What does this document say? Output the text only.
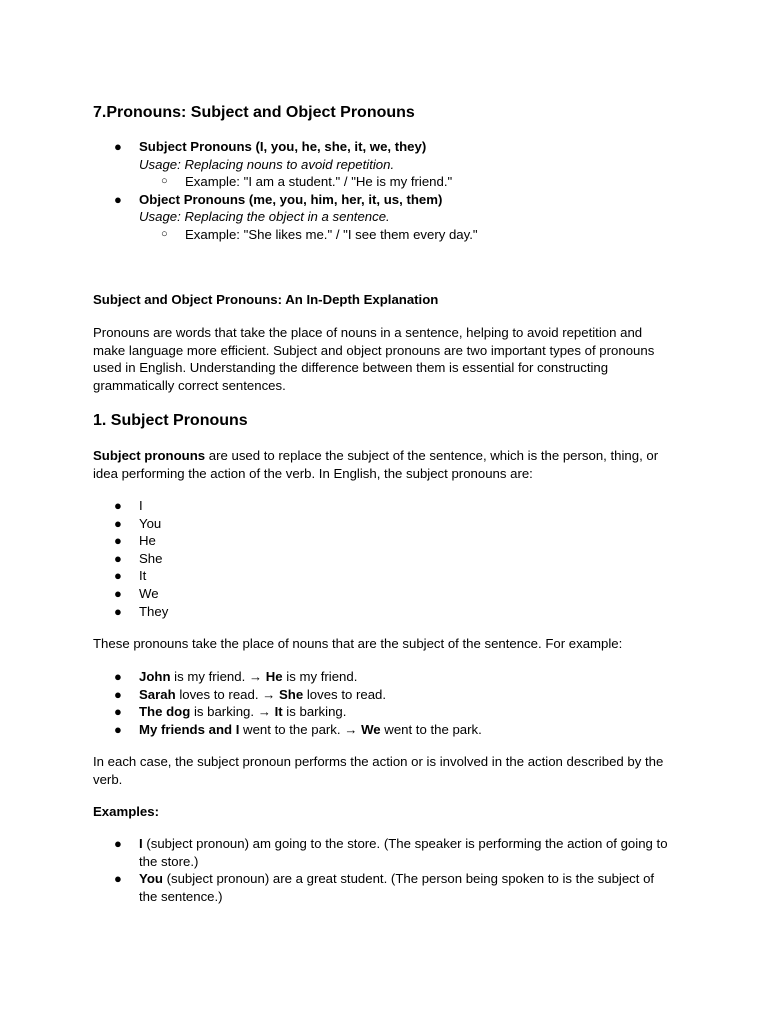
7.Pronouns: Subject and Object Pronouns
● Subject Pronouns (I, you, he, she, it, we, they)
Usage: Replacing nouns to avoid repetition.
○ Example: "I am a student." / "He is my friend."
● Object Pronouns (me, you, him, her, it, us, them)
Usage: Replacing the object in a sentence.
○ Example: "She likes me." / "I see them every day."
Subject and Object Pronouns: An In-Depth Explanation

Pronouns are words that take the place of nouns in a sentence, helping to avoid repetition and make language more efficient. Subject and object pronouns are two important types of pronouns used in English. Understanding the difference between them is essential for constructing grammatically correct sentences.

1. Subject Pronouns

Subject pronouns are used to replace the subject of the sentence, which is the person, thing, or idea performing the action of the verb. In English, the subject pronouns are:

● I
● You
● He
● She
● It
● We
● They

These pronouns take the place of nouns that are the subject of the sentence. For example:

● John is my friend. → He is my friend.
● Sarah loves to read. → She loves to read.
● The dog is barking. → It is barking.
● My friends and I went to the park. → We went to the park.

In each case, the subject pronoun performs the action or is involved in the action described by the verb.

Examples:
● I (subject pronoun) am going to the store. (The speaker is performing the action of going to the store.)
● You (subject pronoun) are a great student. (The person being spoken to is the subject of the sentence.)
